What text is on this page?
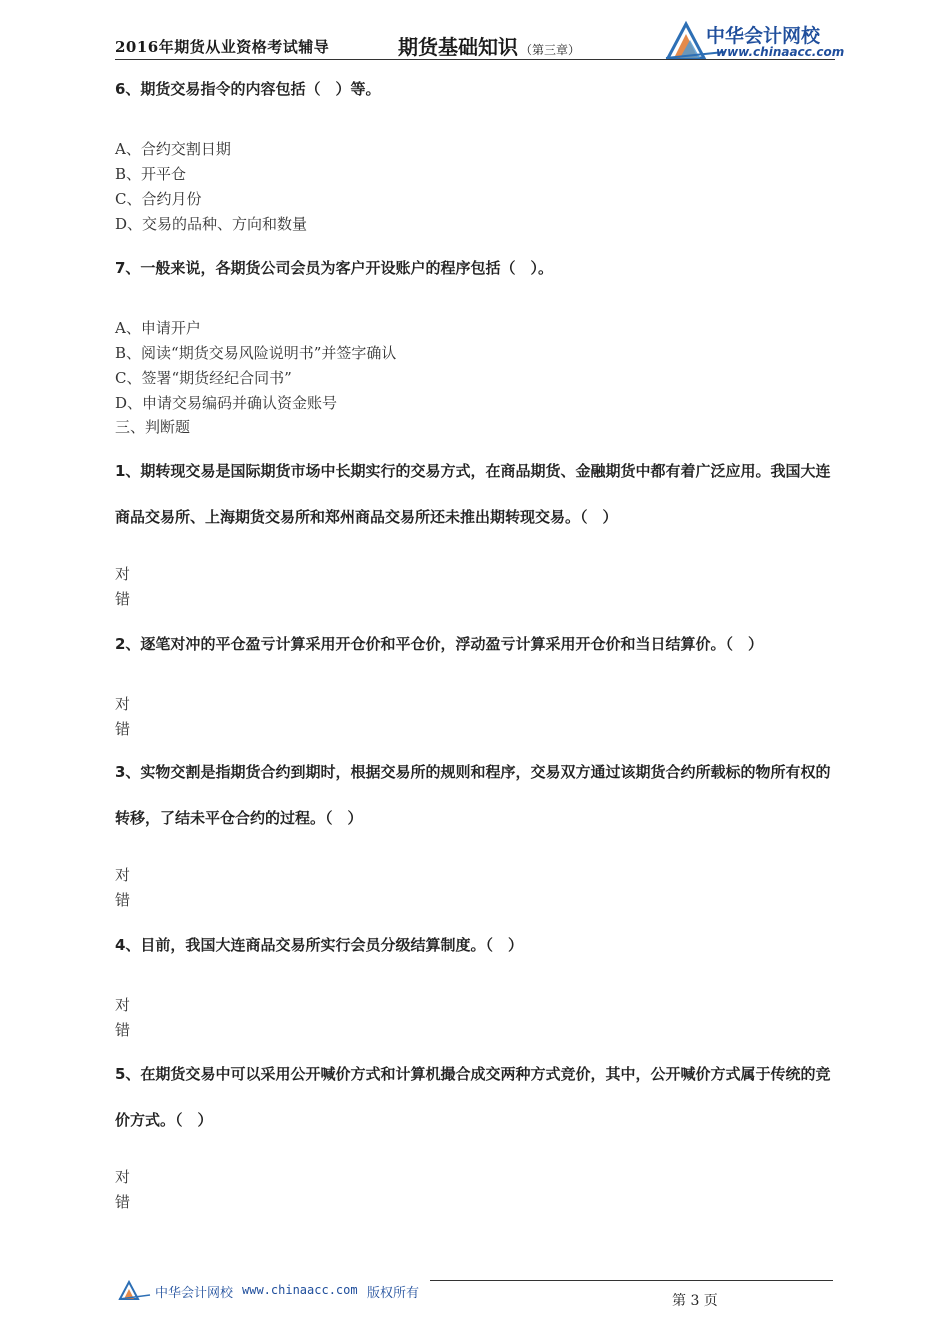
2016年期货从业资格考试辅导	期货基础知识 （第三章）
中华会计网校
www.chinaacc.com
6、期货交易指令的内容包括（　）等。
A、合约交割日期
B、开平仓
C、合约月份
D、交易的品种、方向和数量
7、一般来说，各期货公司会员为客户开设账户的程序包括（　）。
A、申请开户
B、阅读“期货交易风险说明书”并签字确认
C、签署“期货经纪合同书”
D、申请交易编码并确认资金账号
三、判断题
1、期转现交易是国际期货市场中长期实行的交易方式，在商品期货、金融期货中都有着广泛应用。我国大连商品交易所、上海期货交易所和郑州商品交易所还未推出期转现交易。（　）
对
错
2、逐笔对冲的平仓盈亏计算采用开仓价和平仓价，浮动盈亏计算采用开仓价和当日结算价。（　）
对
错
3、实物交割是指期货合约到期时，根据交易所的规则和程序，交易双方通过该期货合约所载标的物所有权的转移，了结未平仓合约的过程。（　）
对
错
4、目前，我国大连商品交易所实行会员分级结算制度。（　）
对
错
5、在期货交易中可以采用公开喊价方式和计算机撮合成交两种方式竞价，其中，公开喊价方式属于传统的竞价方式。（　）
对
错
中华会计网校 www.chinaacc.com 版权所有	第 3 页
